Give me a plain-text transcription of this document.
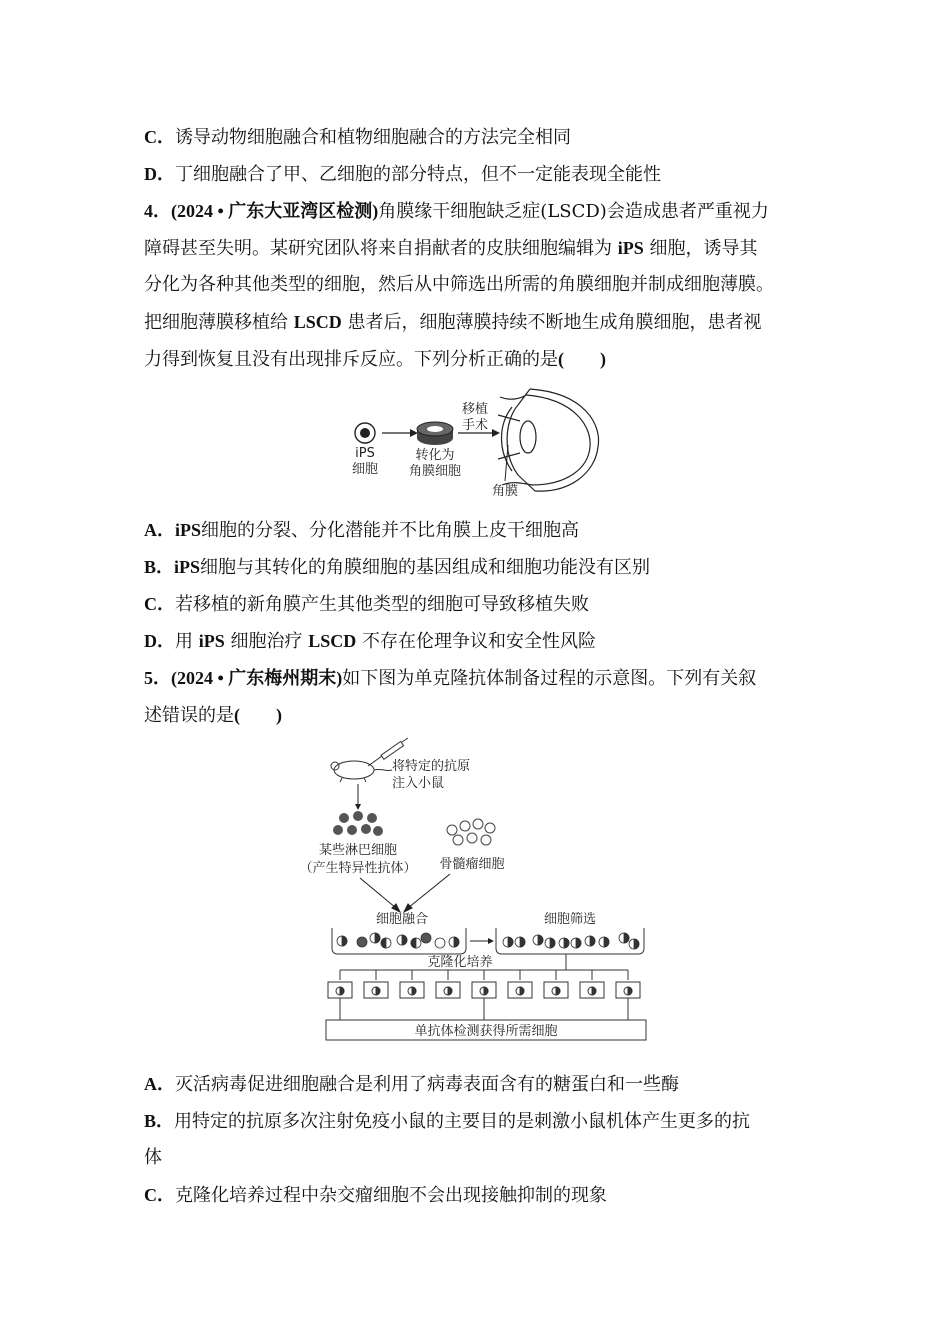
C．诱导动物细胞融合和植物细胞融合的方法完全相同
D．丁细胞融合了甲、乙细胞的部分特点，但不一定能表现全能性
4．(2024 • 广东大亚湾区检测)角膜缘干细胞缺乏症(LSCD)会造成患者严重视力
障碍甚至失明。某研究团队将来自捐献者的皮肤细胞编辑为 iPS 细胞，诱导其
分化为各种其他类型的细胞，然后从中筛选出所需的角膜细胞并制成细胞薄膜。
把细胞薄膜移植给 LSCD 患者后，细胞薄膜持续不断地生成角膜细胞，患者视
力得到恢复且没有出现排斥反应。下列分析正确的是(　　)
iPS
细胞
转化为
角膜细胞
移植
手术
角膜
A．iPS细胞的分裂、分化潜能并不比角膜上皮干细胞高
B．iPS细胞与其转化的角膜细胞的基因组成和细胞功能没有区别
C．若移植的新角膜产生其他类型的细胞可导致移植失败
D．用 iPS 细胞治疗 LSCD 不存在伦理争议和安全性风险
5．(2024 • 广东梅州期末)如下图为单克隆抗体制备过程的示意图。下列有关叙
述错误的是(　　)
将特定的抗原
注入小鼠
某些淋巴细胞
（产生特异性抗体） 骨髓瘤细胞
细胞融合	细胞筛选
克隆化培养
单抗体检测获得所需细胞
A．灭活病毒促进细胞融合是利用了病毒表面含有的糖蛋白和一些酶
B．用特定的抗原多次注射免疫小鼠的主要目的是刺激小鼠机体产生更多的抗
体
C．克隆化培养过程中杂交瘤细胞不会出现接触抑制的现象
